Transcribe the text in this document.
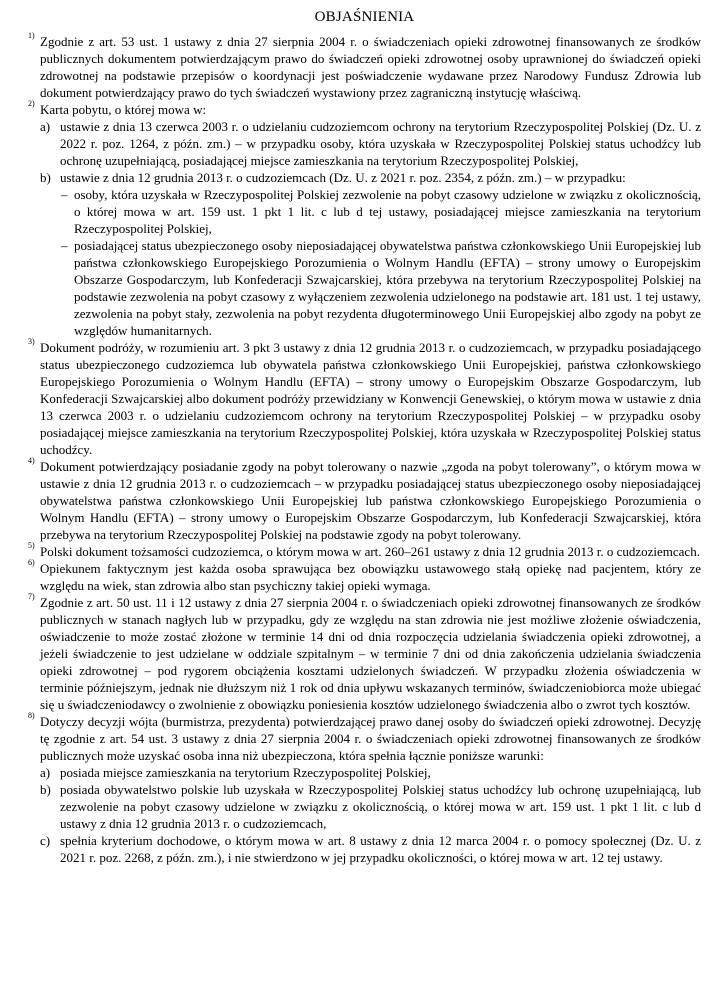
OBJAŚNIENIA
1) Zgodnie z art. 53 ust. 1 ustawy z dnia 27 sierpnia 2004 r. o świadczeniach opieki zdrowotnej finansowanych ze środków publicznych dokumentem potwierdzającym prawo do świadczeń opieki zdrowotnej osoby uprawnionej do świadczeń opieki zdrowotnej na podstawie przepisów o koordynacji jest poświadczenie wydawane przez Narodowy Fundusz Zdrowia lub dokument potwierdzający prawo do tych świadczeń wystawiony przez zagraniczną instytucję właściwą.
2) Karta pobytu, o której mowa w:
a) ustawie z dnia 13 czerwca 2003 r. o udzielaniu cudzoziemcom ochrony na terytorium Rzeczypospolitej Polskiej (Dz. U. z 2022 r. poz. 1264, z późn. zm.) – w przypadku osoby, która uzyskała w Rzeczypospolitej Polskiej status uchodźcy lub ochronę uzupełniającą, posiadającej miejsce zamieszkania na terytorium Rzeczypospolitej Polskiej,
b) ustawie z dnia 12 grudnia 2013 r. o cudzoziemcach (Dz. U. z 2021 r. poz. 2354, z późn. zm.) – w przypadku:
– osoby, która uzyskała w Rzeczypospolitej Polskiej zezwolenie na pobyt czasowy udzielone w związku z okolicznością, o której mowa w art. 159 ust. 1 pkt 1 lit. c lub d tej ustawy, posiadającej miejsce zamieszkania na terytorium Rzeczypospolitej Polskiej,
– posiadającej status ubezpieczonego osoby nieposiadającej obywatelstwa państwa członkowskiego Unii Europejskiej lub państwa członkowskiego Europejskiego Porozumienia o Wolnym Handlu (EFTA) – strony umowy o Europejskim Obszarze Gospodarczym, lub Konfederacji Szwajcarskiej, która przebywa na terytorium Rzeczypospolitej Polskiej na podstawie zezwolenia na pobyt czasowy z wyłączeniem zezwolenia udzielonego na podstawie art. 181 ust. 1 tej ustawy, zezwolenia na pobyt stały, zezwolenia na pobyt rezydenta długoterminowego Unii Europejskiej albo zgody na pobyt ze względów humanitarnych.
3) Dokument podróży, w rozumieniu art. 3 pkt 3 ustawy z dnia 12 grudnia 2013 r. o cudzoziemcach, w przypadku posiadającego status ubezpieczonego cudzoziemca lub obywatela państwa członkowskiego Unii Europejskiej, państwa członkowskiego Europejskiego Porozumienia o Wolnym Handlu (EFTA) – strony umowy o Europejskim Obszarze Gospodarczym, lub Konfederacji Szwajcarskiej albo dokument podróży przewidziany w Konwencji Genewskiej, o którym mowa w ustawie z dnia 13 czerwca 2003 r. o udzielaniu cudzoziemcom ochrony na terytorium Rzeczypospolitej Polskiej – w przypadku osoby posiadającej miejsce zamieszkania na terytorium Rzeczypospolitej Polskiej, która uzyskała w Rzeczypospolitej Polskiej status uchodźcy.
4) Dokument potwierdzający posiadanie zgody na pobyt tolerowany o nazwie „zgoda na pobyt tolerowany”, o którym mowa w ustawie z dnia 12 grudnia 2013 r. o cudzoziemcach – w przypadku posiadającej status ubezpieczonego osoby nieposiadającej obywatelstwa państwa członkowskiego Unii Europejskiej lub państwa członkowskiego Europejskiego Porozumienia o Wolnym Handlu (EFTA) – strony umowy o Europejskim Obszarze Gospodarczym, lub Konfederacji Szwajcarskiej, która przebywa na terytorium Rzeczypospolitej Polskiej na podstawie zgody na pobyt tolerowany.
5) Polski dokument tożsamości cudzoziemca, o którym mowa w art. 260–261 ustawy z dnia 12 grudnia 2013 r. o cudzoziemcach.
6) Opiekunem faktycznym jest każda osoba sprawująca bez obowiązku ustawowego stałą opiekę nad pacjentem, który ze względu na wiek, stan zdrowia albo stan psychiczny takiej opieki wymaga.
7) Zgodnie z art. 50 ust. 11 i 12 ustawy z dnia 27 sierpnia 2004 r. o świadczeniach opieki zdrowotnej finansowanych ze środków publicznych w stanach nagłych lub w przypadku, gdy ze względu na stan zdrowia nie jest możliwe złożenie oświadczenia, oświadczenie to może zostać złożone w terminie 14 dni od dnia rozpoczęcia udzielania świadczenia opieki zdrowotnej, a jeżeli świadczenie to jest udzielane w oddziale szpitalnym – w terminie 7 dni od dnia zakończenia udzielania świadczenia opieki zdrowotnej – pod rygorem obciążenia kosztami udzielonych świadczeń. W przypadku złożenia oświadczenia w terminie późniejszym, jednak nie dłuższym niż 1 rok od dnia upływu wskazanych terminów, świadczeniobiorca może ubiegać się u świadczeniodawcy o zwolnienie z obowiązku poniesienia kosztów udzielonego świadczenia albo o zwrot tych kosztów.
8) Dotyczy decyzji wójta (burmistrza, prezydenta) potwierdzającej prawo danej osoby do świadczeń opieki zdrowotnej. Decyzję tę zgodnie z art. 54 ust. 3 ustawy z dnia 27 sierpnia 2004 r. o świadczeniach opieki zdrowotnej finansowanych ze środków publicznych może uzyskać osoba inna niż ubezpieczona, która spełnia łącznie poniższe warunki:
a) posiada miejsce zamieszkania na terytorium Rzeczypospolitej Polskiej,
b) posiada obywatelstwo polskie lub uzyskała w Rzeczypospolitej Polskiej status uchodźcy lub ochronę uzupełniającą, lub zezwolenie na pobyt czasowy udzielone w związku z okolicznością, o której mowa w art. 159 ust. 1 pkt 1 lit. c lub d ustawy z dnia 12 grudnia 2013 r. o cudzoziemcach,
c) spełnia kryterium dochodowe, o którym mowa w art. 8 ustawy z dnia 12 marca 2004 r. o pomocy społecznej (Dz. U. z 2021 r. poz. 2268, z późn. zm.), i nie stwierdzono w jej przypadku okoliczności, o której mowa w art. 12 tej ustawy.
